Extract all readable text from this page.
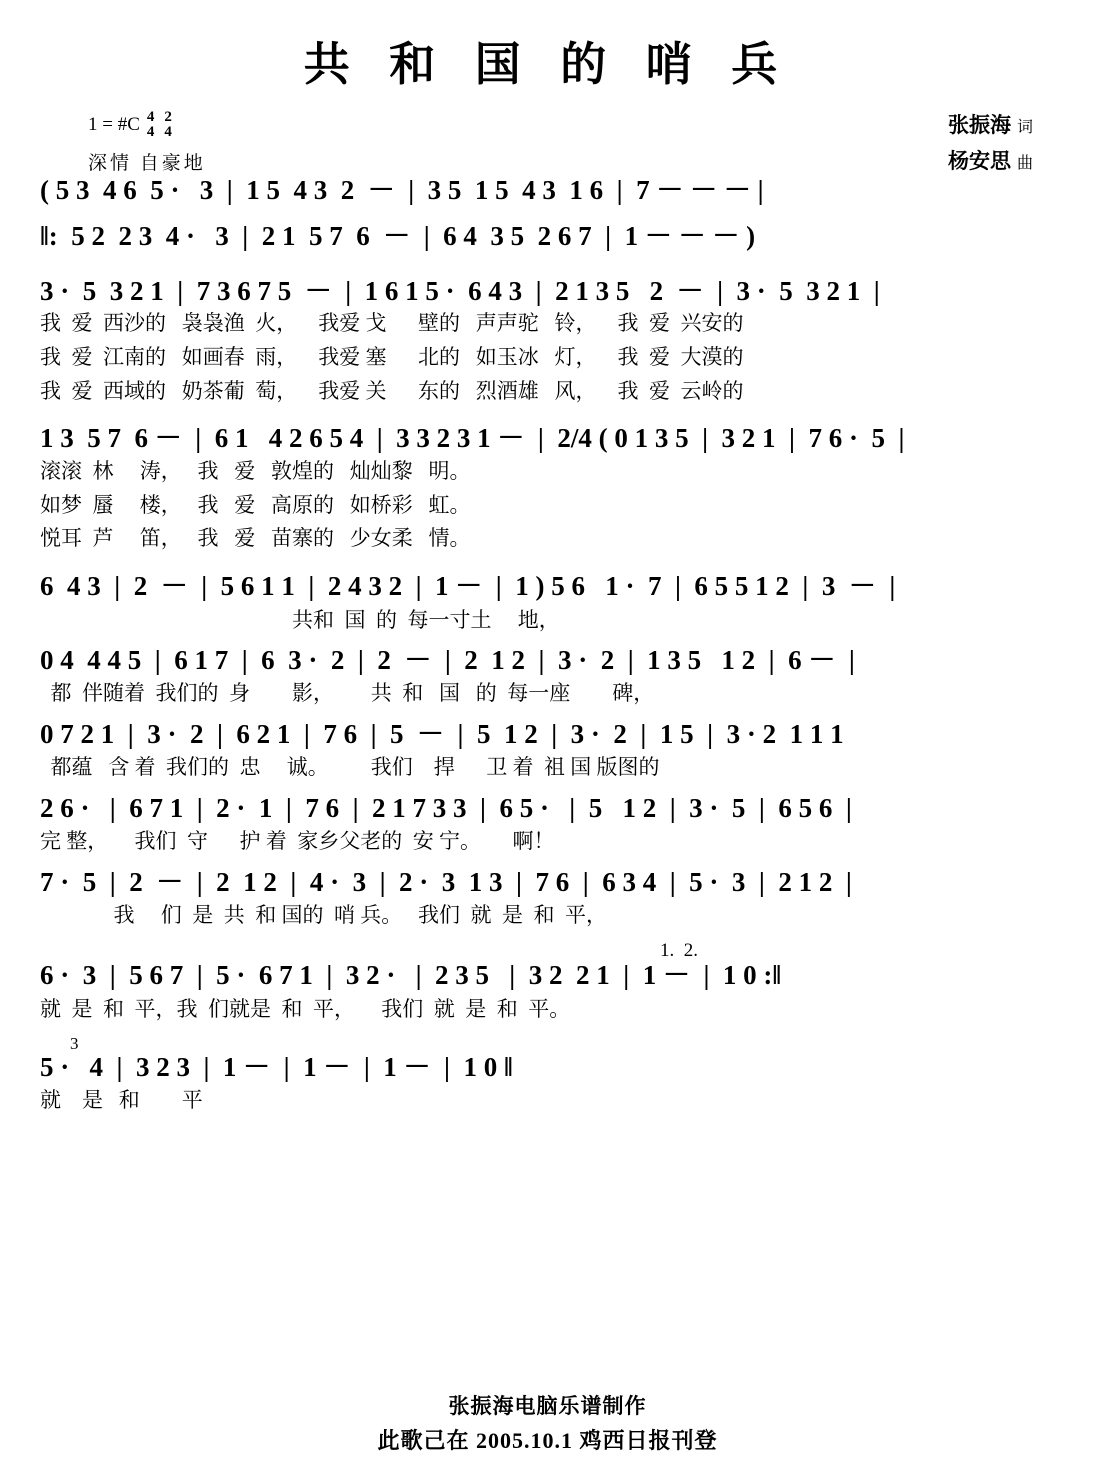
共 和 国 的 哨 兵
1 = #C 4
4
2
4
深情 自豪地
张振海 词
杨安思 曲
( 5 3  4 6  5 ·   3  |  1 5  4 3  2  －  |  3 5  1 5  4 3  1 6  |  7 － － － |
‖:  5 2  2 3  4 ·   3  |  2 1  5 7  6  －  |  6 4  3 5  2 6 7  |  1 － － － )
3 ·  5  3 2 1  |  7 3 6 7 5  －  |  1 6 1 5 ·  6 4 3  |  2 1 3 5   2  －  |  3 ·  5  3 2 1  |
我  爱  西沙的   袅袅渔  火，    我爱 戈      壁的   声声驼   铃，    我  爱  兴安的
我  爱  江南的   如画春  雨，    我爱 塞      北的   如玉冰   灯，    我  爱  大漠的
我  爱  西域的   奶茶葡  萄，    我爱 关      东的   烈酒雄   风，    我  爱  云岭的
1 3  5 7  6 －  |  6 1   4 2 6 5 4  |  3 3 2 3 1 －  |  2/4 ( 0 1 3 5  |  3 2 1  |  7 6 ·  5  |
滚滚  林     涛，   我   爱   敦煌的   灿灿黎   明。
如梦  蜃     楼，   我   爱   高原的   如桥彩   虹。
悦耳  芦     笛，   我   爱   苗寨的   少女柔   情。
6  4 3  |  2  －  |  5 6 1 1  |  2 4 3 2  |  1 －  |  1 ) 5 6   1 ·  7  |  6 5 5 1 2  |  3  －  |
共和  国  的  每一寸土     地，
0 4  4 4 5  |  6 1 7  |  6  3 ·  2  |  2  －  |  2  1 2  |  3 ·  2  |  1 3 5   1 2  |  6 －  |
都  伴随着  我们的  身        影，       共  和   国   的  每一座        碑，
0 7 2 1  |  3 ·  2  |  6 2 1  |  7 6  |  5  －  |  5  1 2  |  3 ·  2  |  1 5  |  3 · 2  1 1 1
都蕴   含 着  我们的  忠     诚。        我们    捍      卫 着  祖 国 版图的
2 6 ·   |  6 7 1  |  2 ·  1  |  7 6  |  2 1 7 3 3  |  6 5 ·   |  5   1 2  |  3 ·  5  |  6 5 6  |
完 整，     我们  守      护 着  家乡父老的  安 宁。      啊！
7 ·  5  |  2  －  |  2  1 2  |  4 ·  3  |  2 ·  3  1 3  |  7 6  |  6 3 4  |  5 ·  3  |  2 1 2  |
我     们  是  共  和 国的  哨 兵。   我们  就  是  和  平，
1.  2.
6 ·  3  |  5 6 7  |  5 ·  6 7 1  |  3 2 ·   |  2 3 5   |  3 2  2 1  |  1 －  |  1 0 :‖
就  是  和  平，我  们就是  和  平，     我们  就  是  和  平。
3
5 ·   4  |  3 2 3  |  1 －  |  1 －  |  1 －  |  1 0 ‖
就    是   和        平
张振海电脑乐谱制作
此歌己在 2005.10.1 鸡西日报刊登
